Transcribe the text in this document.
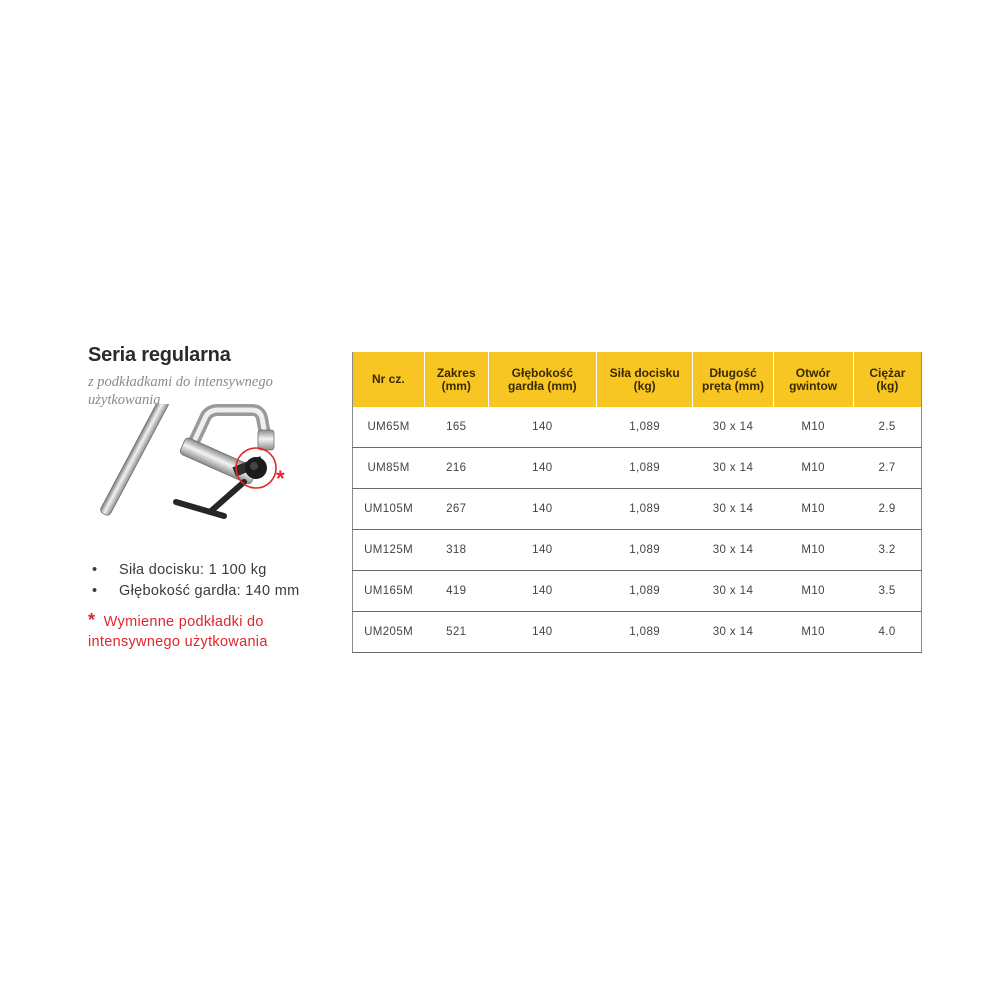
Seria regularna
z podkładkami do intensywnego użytkowania
*
• Siła docisku: 1 100 kg
• Głębokość gardła: 140 mm
* Wymienne podkładki do intensywnego użytkowania
Nr cz.	Zakres (mm)	Głębokość gardła (mm)	Siła docisku (kg)	Długość pręta (mm)	Otwór gwintow	Ciężar (kg)
UM65M	165	140	1,089	30 x 14	M10	2.5
UM85M	216	140	1,089	30 x 14	M10	2.7
UM105M	267	140	1,089	30 x 14	M10	2.9
UM125M	318	140	1,089	30 x 14	M10	3.2
UM165M	419	140	1,089	30 x 14	M10	3.5
UM205M	521	140	1,089	30 x 14	M10	4.0
